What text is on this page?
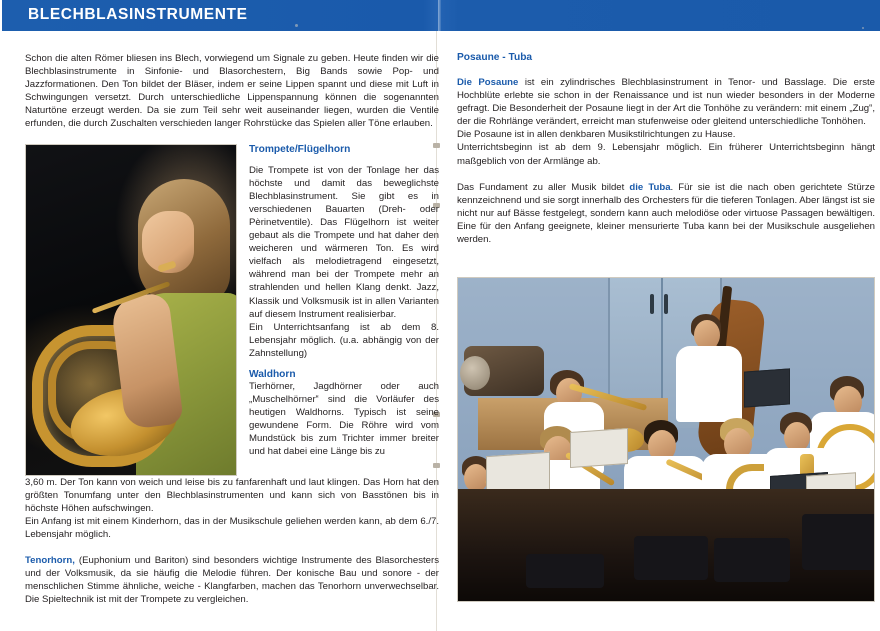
BLECHBLASINSTRUMENTE

Schon die alten Römer bliesen ins Blech, vorwiegend um Signale zu geben. Heute finden wir die Blechblasinstrumente in Sinfonie- und Blasorchestern, Big Bands sowie Pop- und Jazzformationen. Den Ton bildet der Bläser, indem er seine Lippen spannt und diese mit Luft in Schwingungen versetzt. Durch unterschiedliche Lippenspannung können die sogenannten Naturtöne erzeugt werden. Da sie zum Teil sehr weit auseinander liegen, wurden die Ventile erfunden, die durch Zuschalten verschieden langer Rohrstücke das Spielen aller Töne erlauben.

Trompete/Flügelhorn

Die Trompete ist von der Tonlage her das höchste und damit das beweglichste Blechblasinstrument. Sie gibt es in verschiedenen Bauarten (Dreh- oder Pèrinetventile). Das Flügelhorn ist weiter gebaut als die Trompete und hat daher den weicheren und wärmeren Ton. Es wird vielfach als melodietragend eingesetzt, während man bei der Trompete mehr an strahlenden und hellen Klang denkt. Jazz, Klassik und Volksmusik ist in allen Varianten auf diesem Instrument realisierbar.

Ein Unterrichtsanfang ist ab dem 8. Lebensjahr möglich. (u.a. abhängig von der Zahnstellung)

Waldhorn

Tierhörner, Jagdhörner oder auch „Muschelhörner‟ sind die Vorläufer des heutigen Waldhorns. Typisch ist seine gewundene Form. Die Röhre wird vom Mundstück bis zum Trichter immer breiter und hat dabei eine Länge bis zu

3,60 m. Der Ton kann von weich und leise bis zu fanfarenhaft und laut klingen. Das Horn hat den größten Tonumfang unter den Blechblasinstrumenten und kann sich von Basstönen bis in höchste Höhen aufschwingen.

Ein Anfang ist mit einem Kinderhorn, das in der Musikschule geliehen werden kann, ab dem 6./7. Lebensjahr möglich.

Tenorhorn, (Euphonium und Bariton) sind besonders wichtige Instrumente des Blasorchesters und der Volksmusik, da sie häufig die Melodie führen. Der konische Bau und sonore - der menschlichen Stimme ähnliche, weiche - Klangfarben, machen das Tenorhorn unverwechselbar. Die Spieltechnik ist mit der Trompete zu vergleichen.

Posaune - Tuba

Die Posaune ist ein zylindrisches Blechblasinstrument in Tenor- und Basslage. Die erste Hochblüte erlebte sie schon in der Renaissance und ist nun wieder besonders in der Moderne gefragt. Die Besonderheit der Posaune liegt in der Art die Tonhöhe zu verändern: mit einem „Zug‟, der die Rohrlänge verändert, erreicht man stufenweise oder gleitend unterschiedliche Tonhöhen.

Die Posaune ist in allen denkbaren Musikstilrichtungen zu Hause.

Unterrichtsbeginn ist ab dem 9. Lebensjahr möglich. Ein früherer Unterrichtsbeginn hängt maßgeblich von der Armlänge ab.

Das Fundament zu aller Musik bildet die Tuba. Für sie ist die nach oben gerichtete Stürze kennzeichnend und sie sorgt innerhalb des Orchesters für die tieferen Tonlagen. Aber längst ist sie nicht nur auf Bässe festgelegt, sondern kann auch melodiöse oder virtuose Passagen bewältigen. Eine für den Anfang geeignete, kleiner mensurierte Tuba kann bei der Musikschule ausgeliehen werden.
